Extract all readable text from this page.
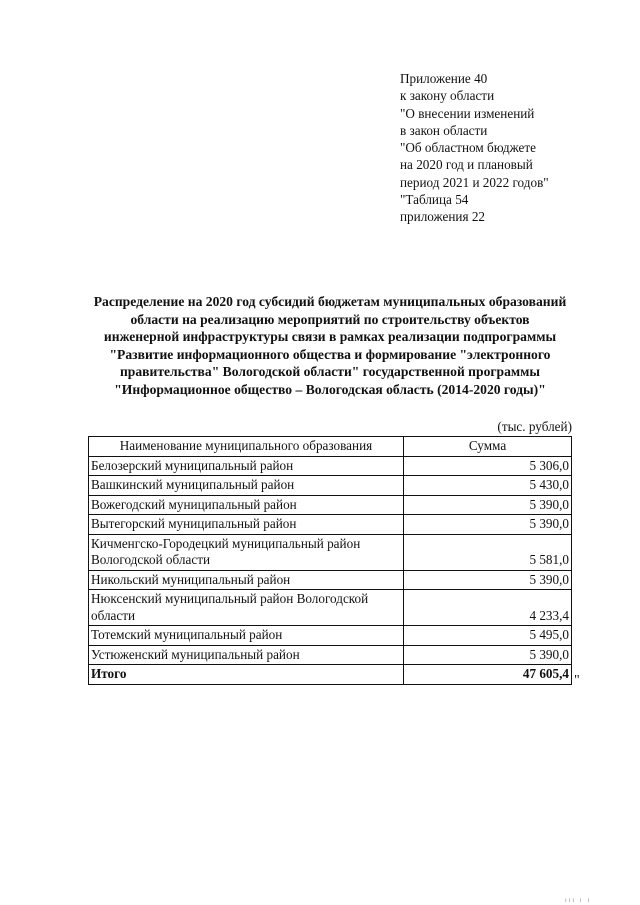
Приложение 40
к закону области
"О внесении изменений
в закон области
"Об областном бюджете
на 2020 год и плановый
период 2021 и 2022 годов"
"Таблица 54
приложения 22
Распределение на 2020 год субсидий бюджетам муниципальных образований
области на реализацию мероприятий по строительству объектов
инженерной инфраструктуры связи в рамках реализации подпрограммы
"Развитие информационного общества и формирование "электронного
правительства" Вологодской области" государственной программы
"Информационное общество – Вологодская область (2014-2020 годы)"
(тыс. рублей)
Наименование муниципального образования	Сумма
Белозерский муниципальный район	5 306,0
Вашкинский муниципальный район	5 430,0
Вожегодский муниципальный район	5 390,0
Вытегорский муниципальный район	5 390,0
Кичменгско-Городецкий муниципальный район Вологодской области	5 581,0
Никольский муниципальный район	5 390,0
Нюксенский муниципальный район Вологодской области	4 233,4
Тотемский муниципальный район	5 495,0
Устюженский муниципальный район	5 390,0
Итого	47 605,4 "
ııı ı ı
